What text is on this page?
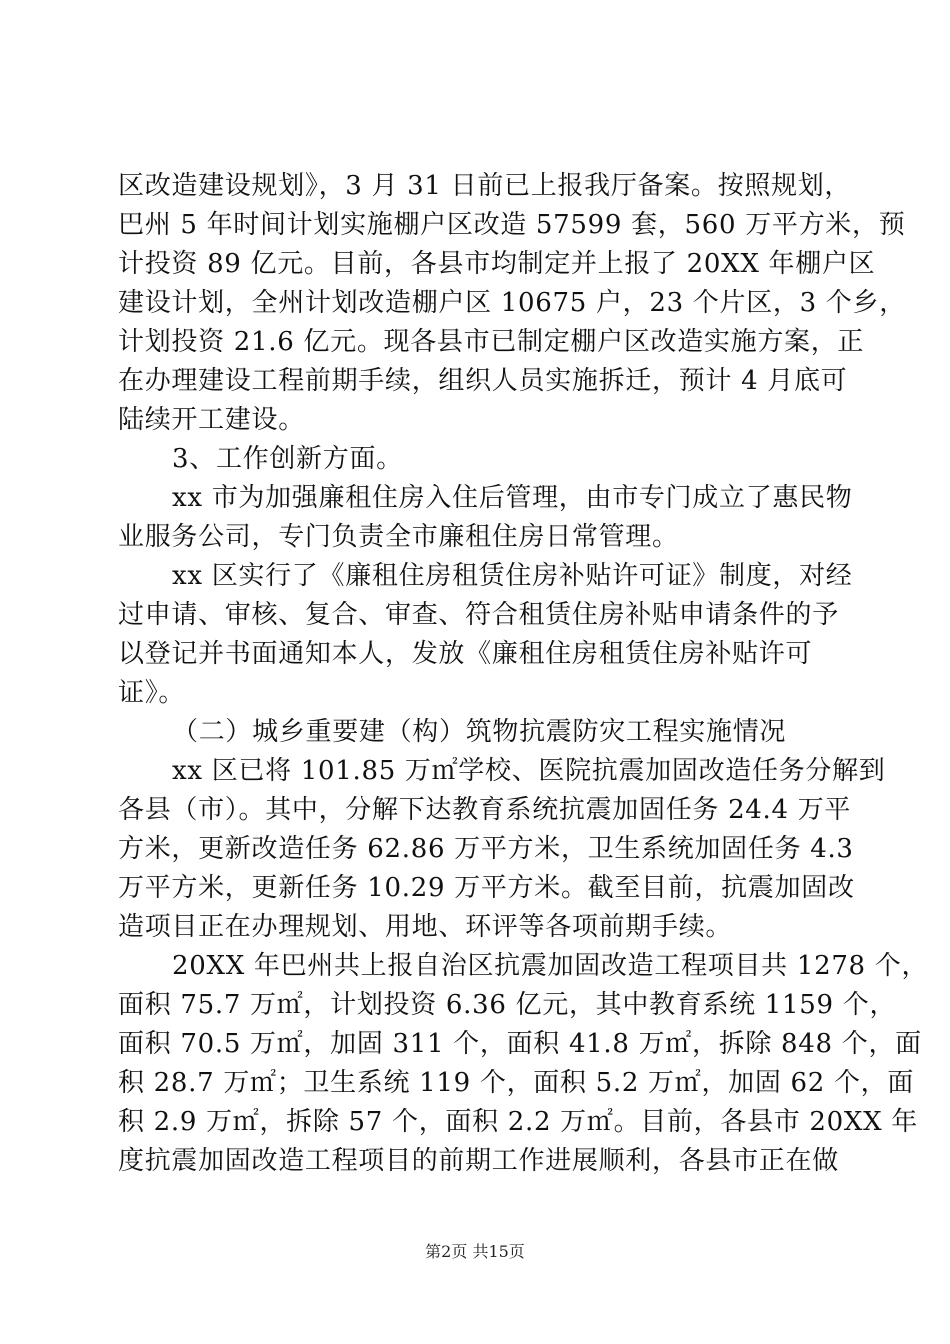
区改造建设规划》，3 月 31 日前已上报我厅备案。按照规划，
巴州 5 年时间计划实施棚户区改造 57599 套，560 万平方米，预
计投资 89 亿元。目前，各县市均制定并上报了 20XX 年棚户区
建设计划，全州计划改造棚户区 10675 户，23 个片区，3 个乡，
计划投资 21.6 亿元。现各县市已制定棚户区改造实施方案，正
在办理建设工程前期手续，组织人员实施拆迁，预计 4 月底可
陆续开工建设。
3、工作创新方面。
xx 市为加强廉租住房入住后管理，由市专门成立了惠民物
业服务公司，专门负责全市廉租住房日常管理。
xx 区实行了《廉租住房租赁住房补贴许可证》制度，对经
过申请、审核、复合、审查、符合租赁住房补贴申请条件的予
以登记并书面通知本人，发放《廉租住房租赁住房补贴许可
证》。
（二）城乡重要建（构）筑物抗震防灾工程实施情况
xx 区已将 101.85 万㎡学校、医院抗震加固改造任务分解到
各县（市）。其中，分解下达教育系统抗震加固任务 24.4 万平
方米，更新改造任务 62.86 万平方米，卫生系统加固任务 4.3
万平方米，更新任务 10.29 万平方米。截至目前，抗震加固改
造项目正在办理规划、用地、环评等各项前期手续。
20XX 年巴州共上报自治区抗震加固改造工程项目共 1278 个，
面积 75.7 万㎡，计划投资 6.36 亿元，其中教育系统 1159 个，
面积 70.5 万㎡，加固 311 个，面积 41.8 万㎡，拆除 848 个，面
积 28.7 万㎡；卫生系统 119 个，面积 5.2 万㎡，加固 62 个，面
积 2.9 万㎡，拆除 57 个，面积 2.2 万㎡。目前，各县市 20XX 年
度抗震加固改造工程项目的前期工作进展顺利，各县市正在做
第2页 共15页
